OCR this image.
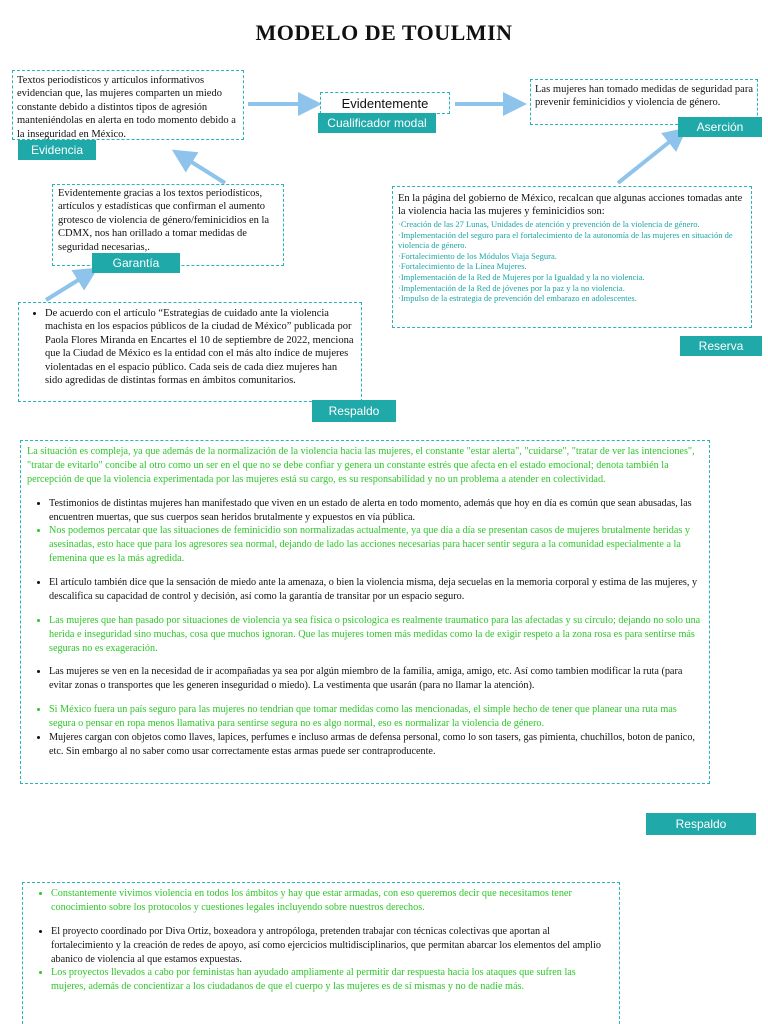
MODELO DE TOULMIN
Textos periodísticos y artículos informativos evidencian que, las mujeres comparten un miedo constante debido a distintos tipos de agresión manteniéndolas en alerta en todo momento debido a la inseguridad en México.
Evidencia
Evidentemente
Cualificador modal
Las mujeres han tomado medidas de seguridad para prevenir feminicidios y violencia de género.
Aserción
Evidentemente gracias a los textos periodísticos, artículos y estadísticas que confirman el aumento grotesco de violencia de género/feminicidios en la CDMX, nos han orillado a tomar medidas de seguridad necesarias,.
Garantía
En la página del gobierno de México, recalcan que algunas acciones tomadas ante la violencia hacia las mujeres y feminicidios son:
·Creación de las 27 Lunas, Unidades de atención y prevención de la violencia de género.
·Implementación del seguro para el fortalecimiento de la autonomía de las mujeres en situación de violencia de género.
·Fortalecimiento de los Módulos Viaja Segura.
·Fortalecimiento de la Línea Mujeres.
·Implementación de la Red de Mujeres por la Igualdad y la no violencia.
·Implementación de la Red de jóvenes por la paz y la no violencia.
·Impulso de la estrategia de prevención del embarazo en adolescentes.
Reserva
• De acuerdo con el artículo “Estrategias de cuidado ante la violencia machista en los espacios públicos de la ciudad de México” publicada por Paola Flores Miranda en Encartes el 10 de septiembre de 2022, menciona que la Ciudad de México es la entidad con el más alto índice de mujeres violentadas en el espacio público. Cada seis de cada diez mujeres han sido agredidas de distintas formas en ámbitos comunitarios.
Respaldo

La situación es compleja, ya que además de la normalización de la violencia hacia las mujeres, el constante "estar alerta", "cuidarse", "tratar de ver las intenciones", "tratar de evitarlo" concibe al otro como un ser en el que no se debe confiar y genera un constante estrés que afecta en el estado emocional; denota también la percepción de que la violencia experimentada por las mujeres está su cargo, es su responsabilidad y no un problema a atender en colectividad.

• Testimonios de distintas mujeres han manifestado que viven en un estado de alerta en todo momento, además que hoy en día es común que sean abusadas, las encuentren muertas, que sus cuerpos sean heridos brutalmente y expuestos en vía pública.
• Nos podemos percatar que las situaciones de feminicidio son normalizadas actualmente, ya que día a día se presentan casos de mujeres brutalmente heridas y asesinadas, esto hace que para los agresores sea normal, dejando de lado las acciones necesarias para hacer sentir segura a la comunidad especialmente a la femenina que es la más agredida.
• El artículo también dice que la sensación de miedo ante la amenaza, o bien la violencia misma, deja secuelas en la memoria corporal y estima de las mujeres, y descalifica su capacidad de control y decisión, así como la garantía de transitar por un espacio seguro.
• Las mujeres que han pasado por situaciones de violencia ya sea física o psicologica es realmente traumatico para las afectadas y su círculo; dejando no solo una herida e inseguridad sino muchas, cosa que muchos ignoran. Que las mujeres tomen más medidas como la de exigir respeto a la zona rosa es para sentirse más seguras no es exageración.
• Las mujeres se ven en la necesidad de ir acompañadas ya sea por algún miembro de la familia, amiga, amigo, etc. Así como tambien modificar la ruta (para evitar zonas o transportes que les generen inseguridad o miedo). La vestimenta que usarán (para no llamar la atención).
• Si México fuera un país seguro para las mujeres no tendrian que tomar medidas como las mencionadas, el simple hecho de tener que planear una ruta mas segura o pensar en ropa menos llamativa para sentirse segura no es algo normal, eso es normalizar la violencia de género.
• Mujeres cargan con objetos como llaves, lapices, perfumes e incluso armas de defensa personal, como lo son tasers, gas pimienta, chuchillos, boton de panico, etc. Sin embargo al no saber como usar correctamente estas armas puede ser contraproducente.
Respaldo
• Constantemente vivimos violencia en todos los ámbitos y hay que estar armadas, con eso queremos decir que necesitamos tener conocimiento sobre los protocolos y cuestiones legales incluyendo sobre nuestros derechos.
• El proyecto coordinado por Diva Ortiz, boxeadora y antropóloga, pretenden trabajar con técnicas colectivas que aportan al fortalecimiento y la creación de redes de apoyo, así como ejercicios multidisciplinarios, que permitan abarcar los elementos del amplio abanico de violencia al que estamos expuestas.
• Los proyectos llevados a cabo por feministas han ayudado ampliamente al permitir dar respuesta hacia los ataques que sufren las mujeres, además de concientizar a los ciudadanos de que el cuerpo y las mujeres es de sí mismas y no de nadie más.
